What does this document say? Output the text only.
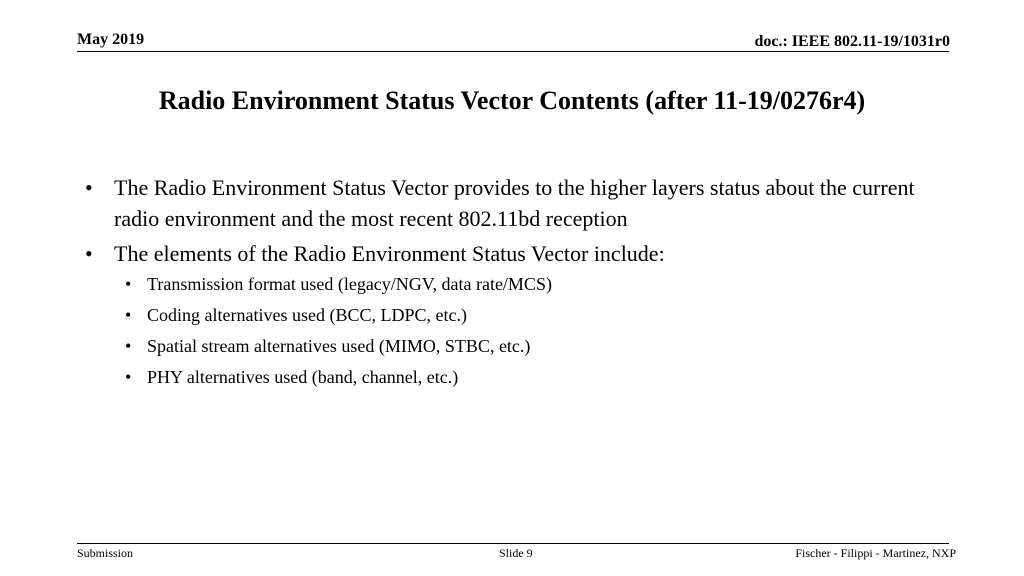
May 2019	doc.: IEEE 802.11-19/1031r0
Radio Environment Status Vector Contents (after 11-19/0276r4)
• The Radio Environment Status Vector provides to the higher layers status about the current radio environment and the most recent 802.11bd reception
• The elements of the Radio Environment Status Vector include:
• Transmission format used (legacy/NGV, data rate/MCS)
• Coding alternatives used (BCC, LDPC, etc.)
• Spatial stream alternatives used (MIMO, STBC, etc.)
• PHY alternatives used (band, channel, etc.)
Submission	Slide 9	Fischer - Filippi - Martinez, NXP
